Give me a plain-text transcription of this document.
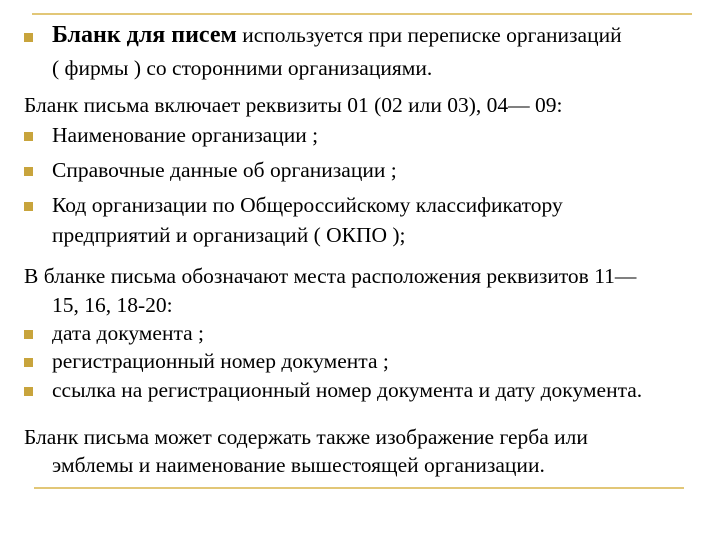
Бланк для писем используется при переписке организаций
( фирмы ) со сторонними организациями.
Бланк письма включает реквизиты 01 (02 или 03), 04— 09:
Наименование организации ;
Справочные данные об организации ;
Код организации по Общероссийскому классификатору
предприятий и организаций ( ОКПО );
В бланке письма обозначают места расположения реквизитов 11—
15, 16, 18-20:
дата документа ;
регистрационный номер документа ;
ссылка на регистрационный номер документа и дату документа.
Бланк письма может содержать также изображение герба или
эмблемы и наименование вышестоящей организации.
